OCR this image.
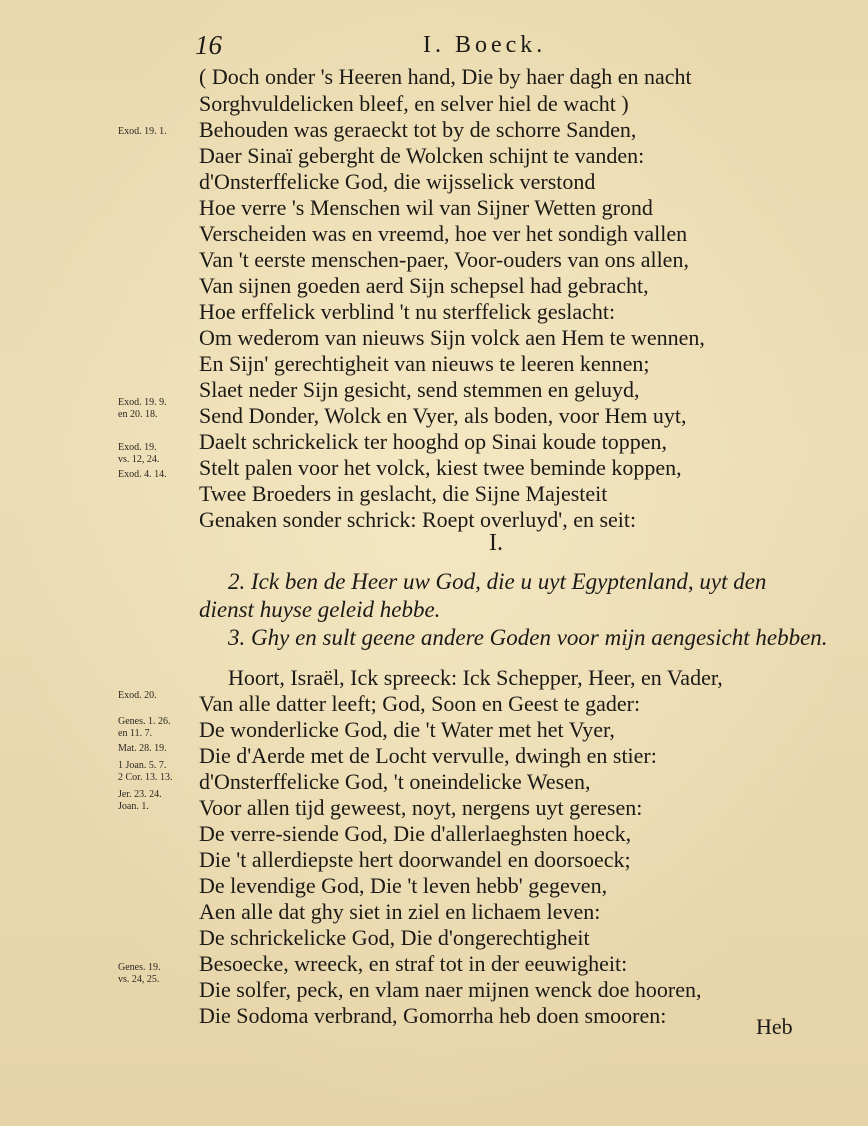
16	I. Boeck.
( Doch onder 's Heeren hand, Die by haer dagh en nacht
Sorghvuldelicken bleef, en selver hiel de wacht )
Behouden was geraeckt tot by de schorre Sanden,
Daer Sinaï geberght de Wolcken schijnt te vanden:
d'Onsterffelicke God, die wijsselick verstond
Hoe verre 's Menschen wil van Sijner Wetten grond
Verscheiden was en vreemd, hoe ver het sondigh vallen
Van 't eerste menschen-paer, Voor-ouders van ons allen,
Van sijnen goeden aerd Sijn schepsel had gebracht,
Hoe erffelick verblind 't nu sterffelick geslacht:
Om wederom van nieuws Sijn volck aen Hem te wennen,
En Sijn' gerechtigheit van nieuws te leeren kennen;
Slaet neder Sijn gesicht, send stemmen en geluyd,
Send Donder, Wolck en Vyer, als boden, voor Hem uyt,
Daelt schrickelick ter hooghd op Sinai koude toppen,
Stelt palen voor het volck, kiest twee beminde koppen,
Twee Broeders in geslacht, die Sijne Majesteit
Genaken sonder schrick: Roept overluyd', en seit:
I.
2. Ick ben de Heer uw God, die u uyt Egyptenland, uyt den
dienst huyse geleid hebbe.
3. Ghy en sult geene andere Goden voor mijn aengesicht hebben.
Hoort, Israël, Ick spreeck: Ick Schepper, Heer, en Vader,
Van alle datter leeft; God, Soon en Geest te gader:
De wonderlicke God, die 't Water met het Vyer,
Die d'Aerde met de Locht vervulle, dwingh en stier:
d'Onsterffelicke God, 't oneindelicke Wesen,
Voor allen tijd geweest, noyt, nergens uyt geresen:
De verre-siende God, Die d'allerlaeghsten hoeck,
Die 't allerdiepste hert doorwandel en doorsoeck;
De levendige God, Die 't leven hebb' gegeven,
Aen alle dat ghy siet in ziel en lichaem leven:
De schrickelicke God, Die d'ongerechtigheit
Besoecke, wreeck, en straf tot in der eeuwigheit:
Die solfer, peck, en vlam naer mijnen wenck doe hooren,
Die Sodoma verbrand, Gomorrha heb doen smooren:
Exod. 19. 1.
Exod. 19. 9.
en 20. 18.
Exod. 19.
vs. 12, 24.
Exod. 4. 14.
Exod. 20.
Genes. 1. 26.
en 11. 7.
Mat. 28. 19.
1 Joan. 5. 7.
2 Cor. 13. 13.
Jer. 23. 24.
Joan. 1.
Genes. 19.
vs. 24, 25.
Heb
